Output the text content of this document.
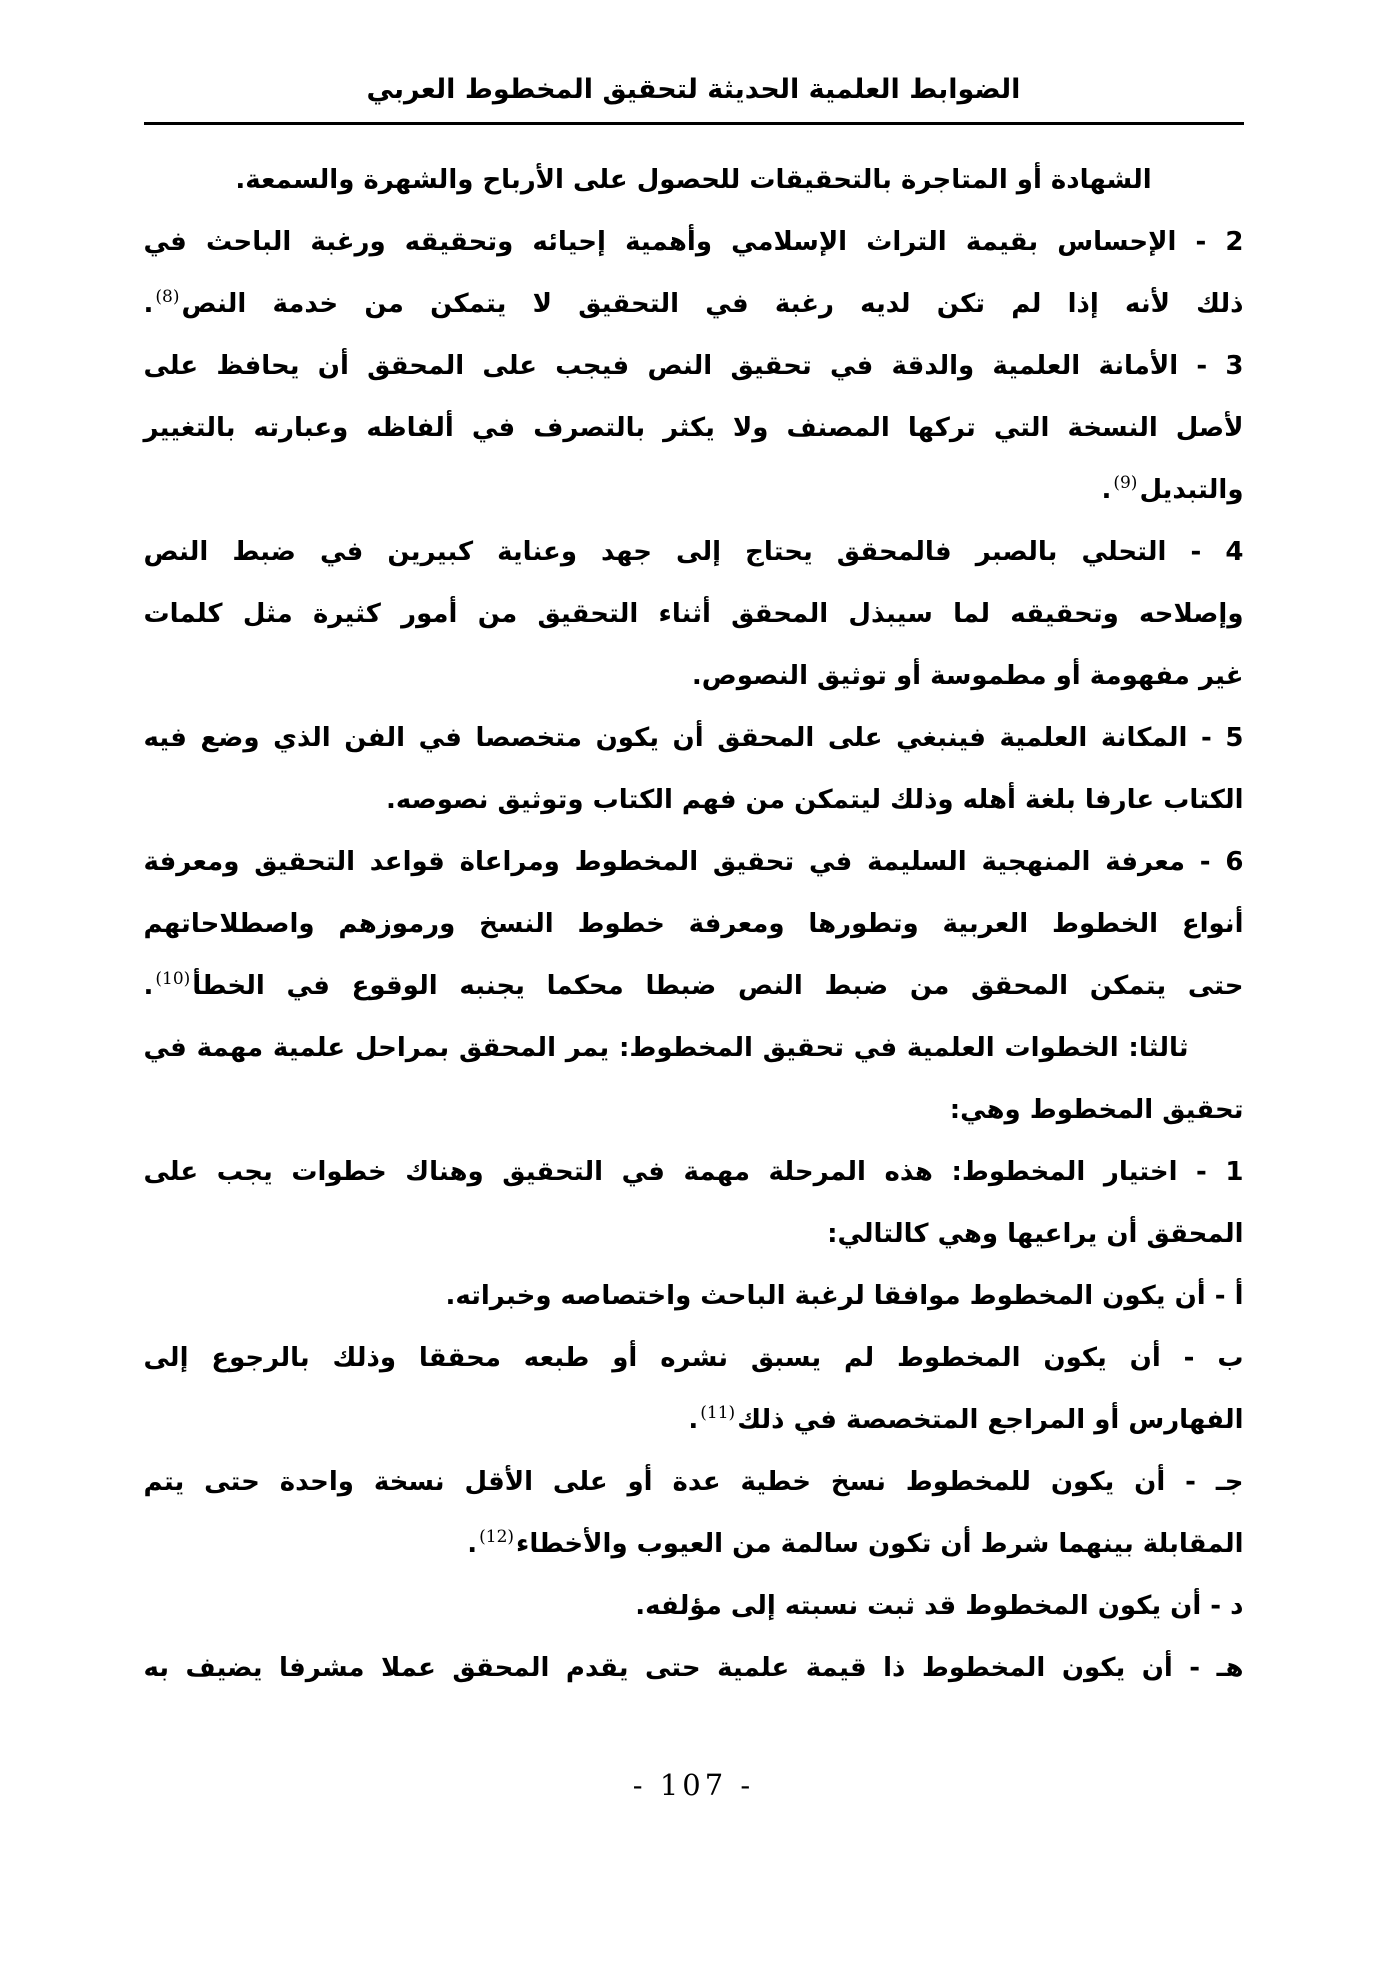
الضوابط العلمية الحديثة لتحقيق المخطوط العربي
الشهادة أو المتاجرة بالتحقيقات للحصول على الأرباح والشهرة والسمعة.
2 - الإحساس بقيمة التراث الإسلامي وأهمية إحيائه وتحقيقه ورغبة الباحث في
ذلك لأنه إذا لم تكن لديه رغبة في التحقيق لا يتمكن من خدمة النص$^{(8)}$.
3 - الأمانة العلمية والدقة في تحقيق النص فيجب على المحقق أن يحافظ على
لأصل النسخة التي تركها المصنف ولا يكثر بالتصرف في ألفاظه وعبارته بالتغيير
والتبديل$^{(9)}$.
4 - التحلي بالصبر فالمحقق يحتاج إلى جهد وعناية كبيرين في ضبط النص
وإصلاحه وتحقيقه لما سيبذل المحقق أثناء التحقيق من أمور كثيرة مثل كلمات
غير مفهومة أو مطموسة أو توثيق النصوص.
5 - المكانة العلمية فينبغي على المحقق أن يكون متخصصا في الفن الذي وضع فيه
الكتاب عارفا بلغة أهله وذلك ليتمكن من فهم الكتاب وتوثيق نصوصه.
6 - معرفة المنهجية السليمة في تحقيق المخطوط ومراعاة قواعد التحقيق ومعرفة
أنواع الخطوط العربية وتطورها ومعرفة خطوط النسخ ورموزهم واصطلاحاتهم
حتى يتمكن المحقق من ضبط النص ضبطا محكما يجنبه الوقوع في الخطأ$^{(10)}$.
ثالثا: الخطوات العلمية في تحقيق المخطوط: يمر المحقق بمراحل علمية مهمة في
تحقيق المخطوط وهي:
1 - اختيار المخطوط: هذه المرحلة مهمة في التحقيق وهناك خطوات يجب على
المحقق أن يراعيها وهي كالتالي:
أ - أن يكون المخطوط موافقا لرغبة الباحث واختصاصه وخبراته.
ب - أن يكون المخطوط لم يسبق نشره أو طبعه محققا وذلك بالرجوع إلى
الفهارس أو المراجع المتخصصة في ذلك$^{(11)}$.
جـ - أن يكون للمخطوط نسخ خطية عدة أو على الأقل نسخة واحدة حتى يتم
المقابلة بينهما شرط أن تكون سالمة من العيوب والأخطاء$^{(12)}$.
د - أن يكون المخطوط قد ثبت نسبته إلى مؤلفه.
هـ - أن يكون المخطوط ذا قيمة علمية حتى يقدم المحقق عملا مشرفا يضيف به
- 107 -
